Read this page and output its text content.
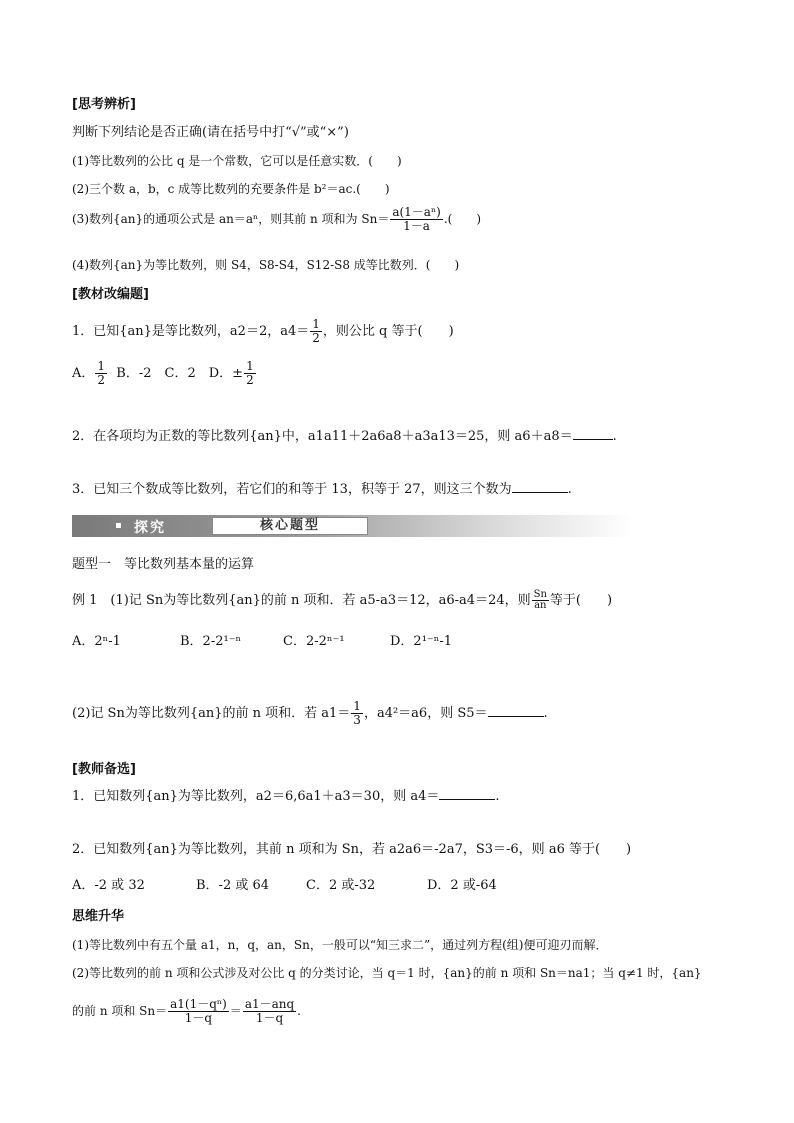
[思考辨析]
判断下列结论是否正确(请在括号中打“√”或“×”)
(1)等比数列的公比 q 是一个常数，它可以是任意实数．(　　)
(2)三个数 a，b，c 成等比数列的充要条件是 b²＝ac.(　　)
(3)数列{an}的通项公式是 an＝aⁿ，则其前 n 项和为 $Sn= \frac{\text{a(1－aⁿ)}}{1-a}$ .(　　)
(4)数列{an}为等比数列，则 S4，S8-S4，S12-S8 成等比数列．(　　)
[教材改编题]
1．已知{an}是等比数列，a2＝2，$a4= \frac{1}{2}$ ，则公比 q 等于(　　)
A． $\frac{1}{2}$ B．-2　C．2　D．± $\frac{1}{2}$
2．在各项均为正数的等比数列{an}中，a1a11＋2a6a8＋a3a13＝25，则 a6＋a8＝	.
3．已知三个数成等比数列，若它们的和等于 13，积等于 27，则这三个数为	.
探究	核心题型
题型一　等比数列基本量的运算
例 1　(1)记 Sn为等比数列{an}的前 n 项和．若 a5-a3＝12，a6-a4＝24，则 $\frac{Sn}{an}$ 等于(　　)
A．2ⁿ-1	B．2-2¹⁻ⁿ	C．2-2ⁿ⁻¹	D．2¹⁻ⁿ-1
(2)记 Sn为等比数列{an}的前 n 项和．若 $a1= \frac{1}{3}$ ，a4²＝a6，则 S5＝	.
[教师备选]
1．已知数列{an}为等比数列，a2＝6,6a1＋a3＝30，则 a4＝	.
2．已知数列{an}为等比数列，其前 n 项和为 Sn，若 a2a6＝-2a7，S3＝-6，则 a6 等于(　　)
A．-2 或 32	B．-2 或 64	C．2 或-32	D．2 或-64
思维升华
(1)等比数列中有五个量 a1，n，q，an，Sn，一般可以“知三求二”，通过列方程(组)便可迎刃而解．
(2)等比数列的前 n 项和公式涉及对公比 q 的分类讨论，当 q＝1 时，{an}的前 n 项和 Sn＝na1；当 q≠1 时，{an}
的前 n 项和 $Sn= \frac{\text{a1(1－qⁿ)}}{1-q} = \frac{\text{a1－anq}}{1-q}$ .
